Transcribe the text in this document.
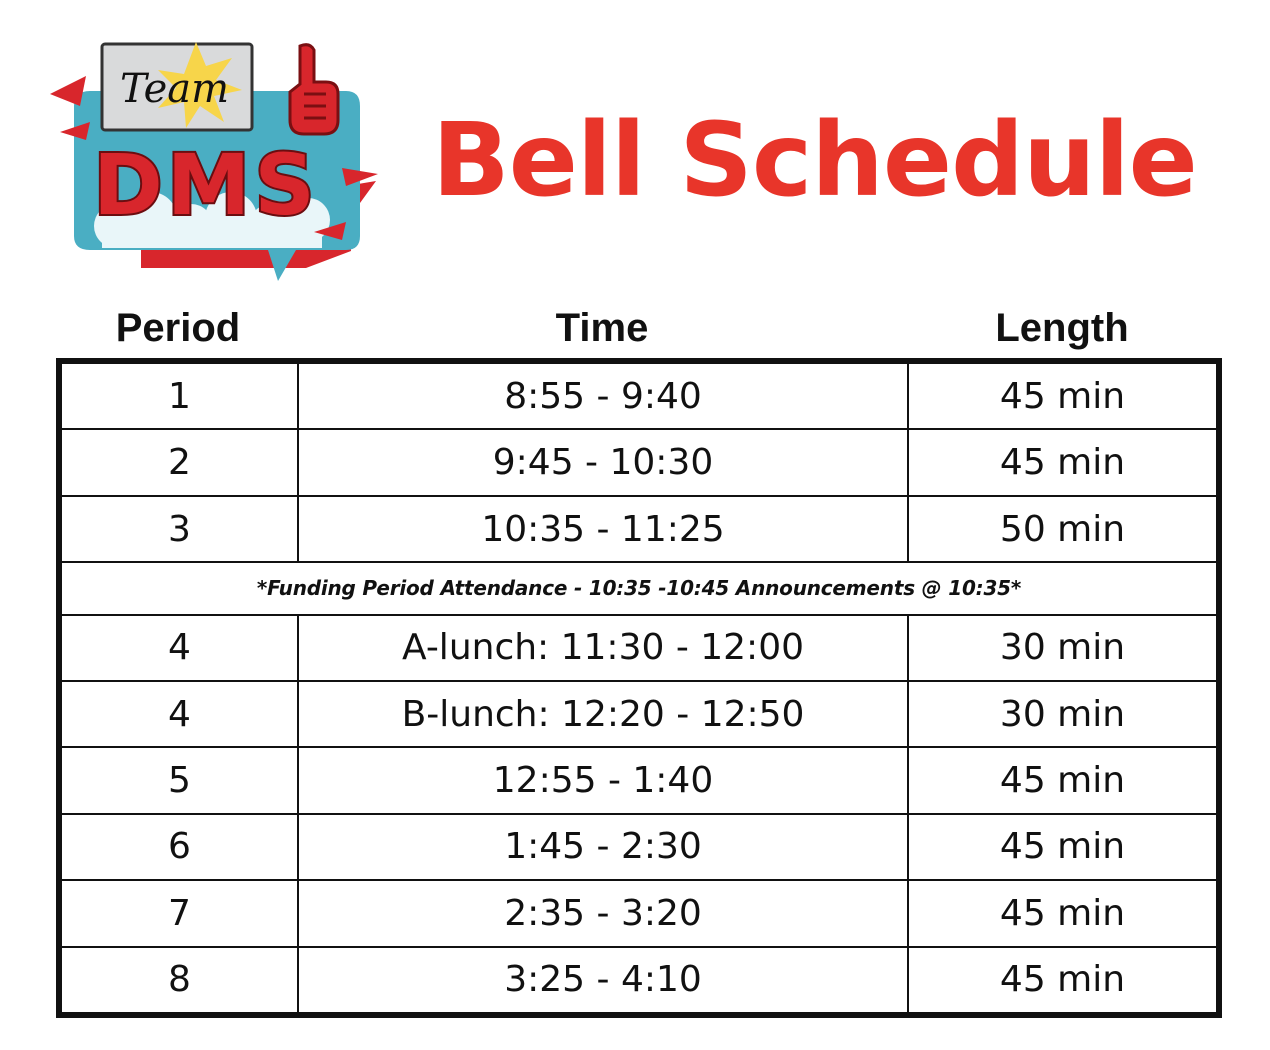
Team
DMS Bell Schedule
Period	Time	Length
1	8:55 - 9:40	45 min
2	9:45 - 10:30	45 min
3	10:35 - 11:25	50 min
*Funding Period Attendance - 10:35 -10:45 Announcements @ 10:35*		
4	A-lunch: 11:30 - 12:00	30 min
4	B-lunch: 12:20 - 12:50	30 min
5	12:55 - 1:40	45 min
6	1:45 - 2:30	45 min
7	2:35 - 3:20	45 min
8	3:25 - 4:10	45 min
